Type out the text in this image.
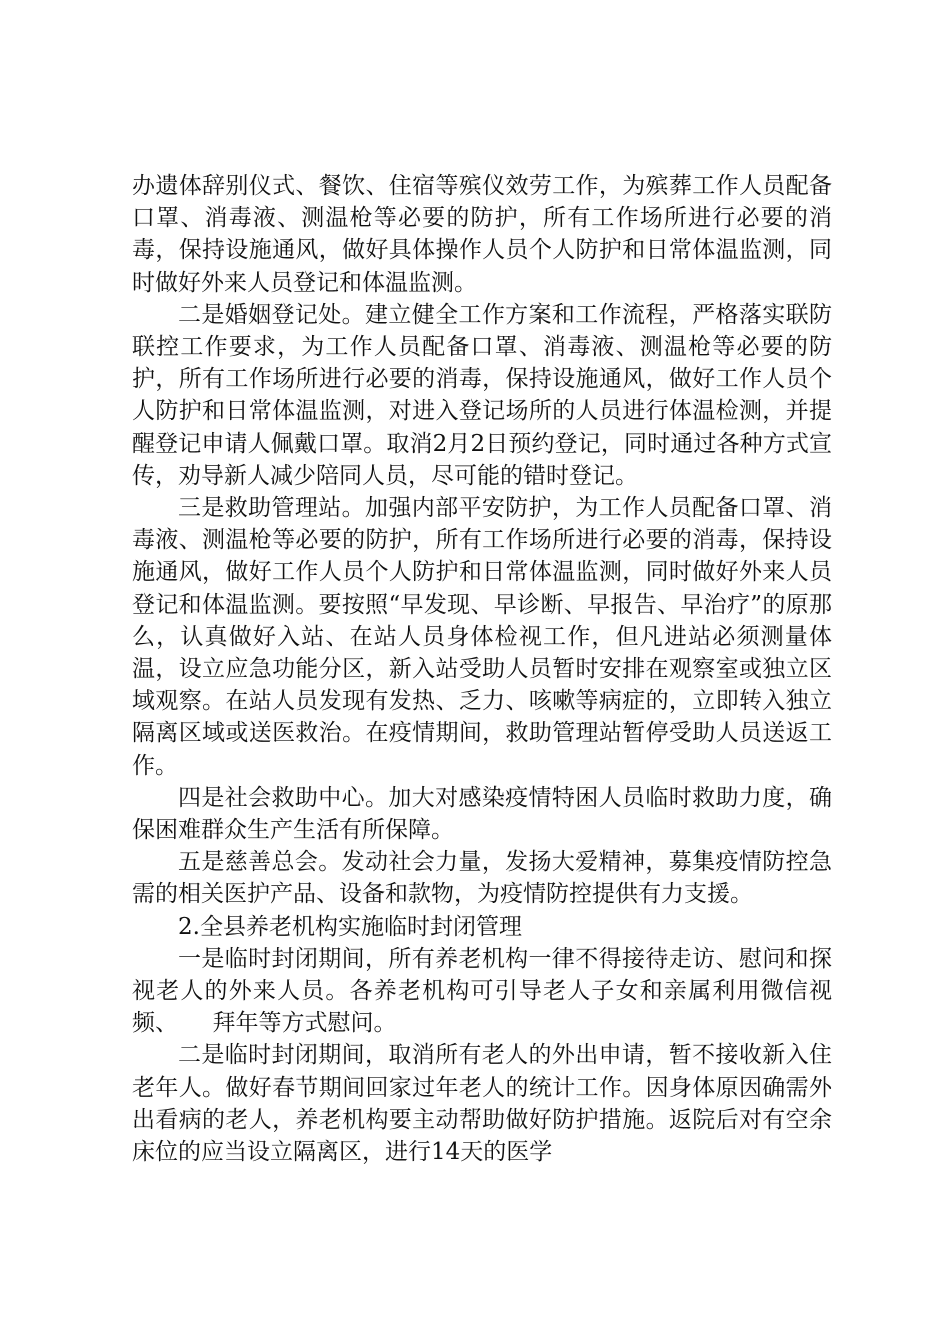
办遗体辞别仪式、餐饮、住宿等殡仪效劳工作，为殡葬工作人员配备口罩、消毒液、测温枪等必要的防护，所有工作场所进行必要的消毒，保持设施通风，做好具体操作人员个人防护和日常体温监测，同时做好外来人员登记和体温监测。

二是婚姻登记处。建立健全工作方案和工作流程，严格落实联防联控工作要求，为工作人员配备口罩、消毒液、测温枪等必要的防护，所有工作场所进行必要的消毒，保持设施通风，做好工作人员个人防护和日常体温监测，对进入登记场所的人员进行体温检测，并提醒登记申请人佩戴口罩。取消2月2日预约登记，同时通过各种方式宣传，劝导新人减少陪同人员，尽可能的错时登记。

三是救助管理站。加强内部平安防护，为工作人员配备口罩、消毒液、测温枪等必要的防护，所有工作场所进行必要的消毒，保持设施通风，做好工作人员个人防护和日常体温监测，同时做好外来人员登记和体温监测。要按照“早发现、早诊断、早报告、早治疗”的原那么，认真做好入站、在站人员身体检视工作，但凡进站必须测量体温，设立应急功能分区，新入站受助人员暂时安排在观察室或独立区域观察。在站人员发现有发热、乏力、咳嗽等病症的，立即转入独立隔离区域或送医救治。在疫情期间，救助管理站暂停受助人员送返工作。

四是社会救助中心。加大对感染疫情特困人员临时救助力度，确保困难群众生产生活有所保障。

五是慈善总会。发动社会力量，发扬大爱精神，募集疫情防控急需的相关医护产品、设备和款物，为疫情防控提供有力支援。

2.全县养老机构实施临时封闭管理

一是临时封闭期间，所有养老机构一律不得接待走访、慰问和探视老人的外来人员。各养老机构可引导老人子女和亲属利用微信视频、　　拜年等方式慰问。

二是临时封闭期间，取消所有老人的外出申请，暂不接收新入住老年人。做好春节期间回家过年老人的统计工作。因身体原因确需外出看病的老人，养老机构要主动帮助做好防护措施。返院后对有空余床位的应当设立隔离区，进行14天的医学
